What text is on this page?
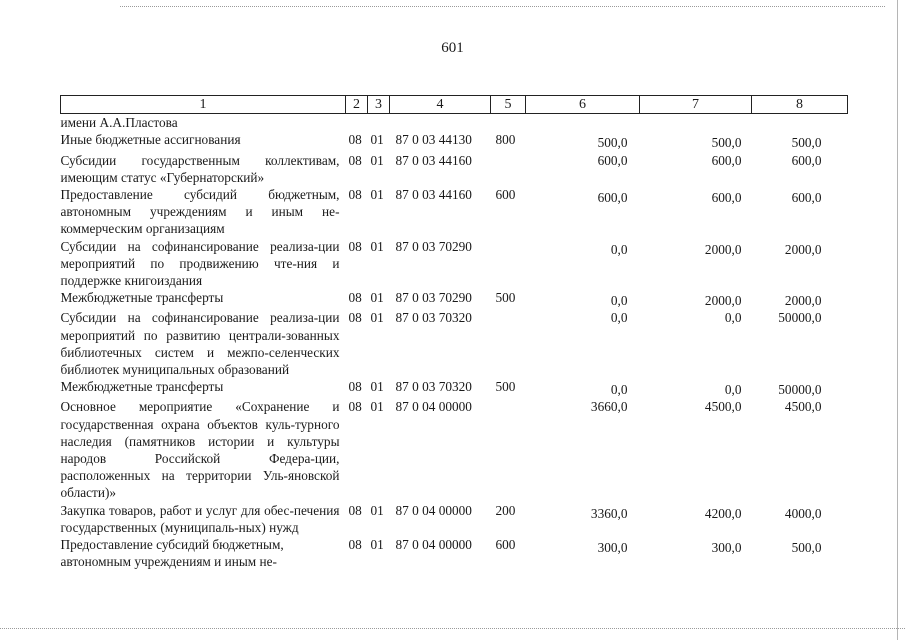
601
1	2	3	4	5	6	7	8
имени А.А.Пластова							
Иные бюджетные ассигнования	08	01	87 0 03 44130	800	500,0	500,0	500,0
Субсидии государственным коллективам, имеющим статус «Губернаторский»	08	01	87 0 03 44160		600,0	600,0	600,0
Предоставление субсидий бюджетным, автономным учреждениям и иным не-коммерческим организациям	08	01	87 0 03 44160	600	600,0	600,0	600,0
Субсидии на софинансирование реализа-ции мероприятий по продвижению чте-ния и поддержке книгоиздания	08	01	87 0 03 70290		0,0	2000,0	2000,0
Межбюджетные трансферты	08	01	87 0 03 70290	500	0,0	2000,0	2000,0
Субсидии на софинансирование реализа-ции мероприятий по развитию централи-зованных библиотечных систем и межпо-селенческих библиотек муниципальных образований	08	01	87 0 03 70320		0,0	0,0	50000,0
Межбюджетные трансферты	08	01	87 0 03 70320	500	0,0	0,0	50000,0
Основное мероприятие «Сохранение и государственная охрана объектов куль-турного наследия (памятников истории и культуры народов Российской Федера-ции, расположенных на территории Уль-яновской области)»	08	01	87 0 04 00000		3660,0	4500,0	4500,0
Закупка товаров, работ и услуг для обес-печения государственных (муниципаль-ных) нужд	08	01	87 0 04 00000	200	3360,0	4200,0	4000,0
Предоставление субсидий бюджетным, автономным учреждениям и иным не-	08	01	87 0 04 00000	600	300,0	300,0	500,0
